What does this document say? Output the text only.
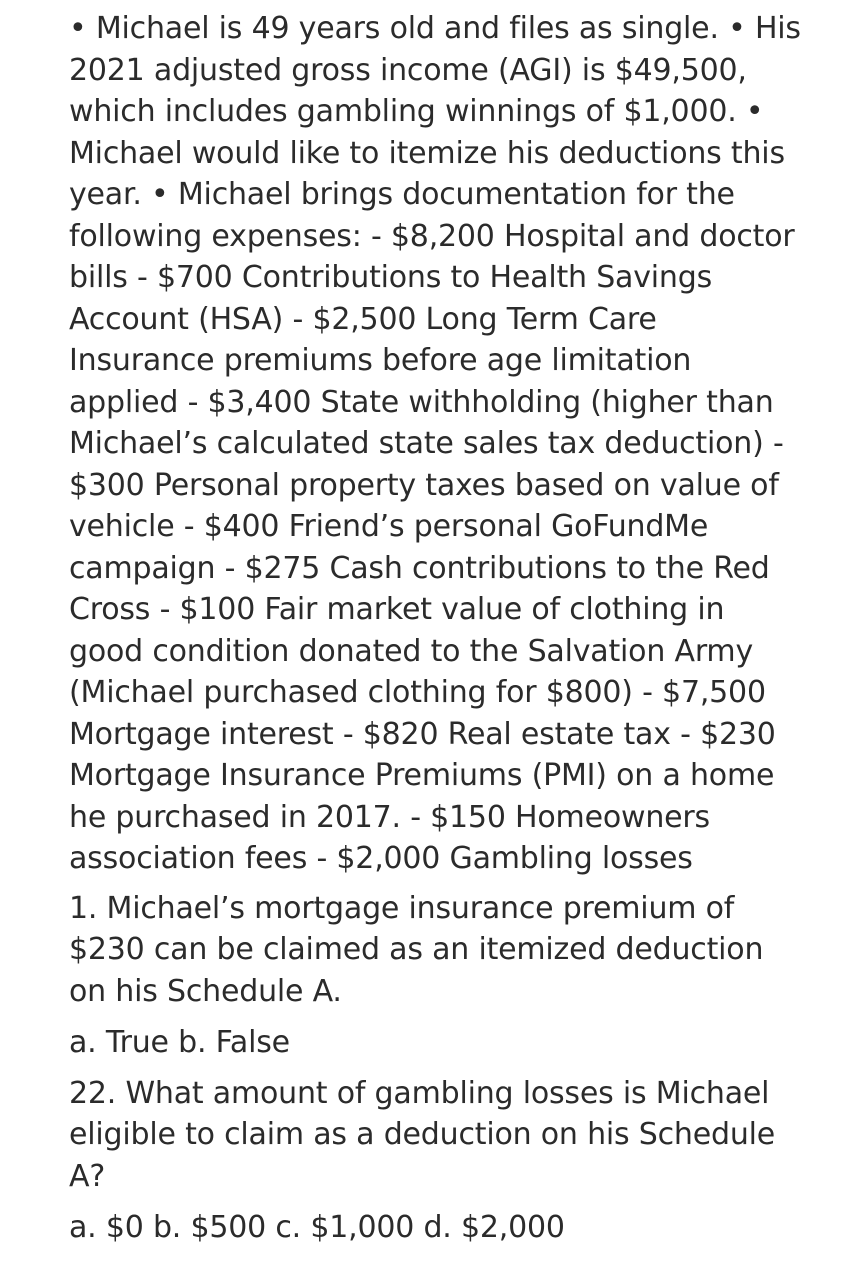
• Michael is 49 years old and files as single. • His
2021 adjusted gross income (AGI) is $49,500,
which includes gambling winnings of $1,000. •
Michael would like to itemize his deductions this
year. • Michael brings documentation for the
following expenses: - $8,200 Hospital and doctor
bills - $700 Contributions to Health Savings
Account (HSA) - $2,500 Long Term Care
Insurance premiums before age limitation
applied - $3,400 State withholding (higher than
Michael’s calculated state sales tax deduction) -
$300 Personal property taxes based on value of
vehicle - $400 Friend’s personal GoFundMe
campaign - $275 Cash contributions to the Red
Cross - $100 Fair market value of clothing in
good condition donated to the Salvation Army
(Michael purchased clothing for $800) - $7,500
Mortgage interest - $820 Real estate tax - $230
Mortgage Insurance Premiums (PMI) on a home
he purchased in 2017. - $150 Homeowners
association fees - $2,000 Gambling losses
1. Michael’s mortgage insurance premium of
$230 can be claimed as an itemized deduction
on his Schedule A.
a. True b. False
22. What amount of gambling losses is Michael
eligible to claim as a deduction on his Schedule
A?
a. $0 b. $500 c. $1,000 d. $2,000
